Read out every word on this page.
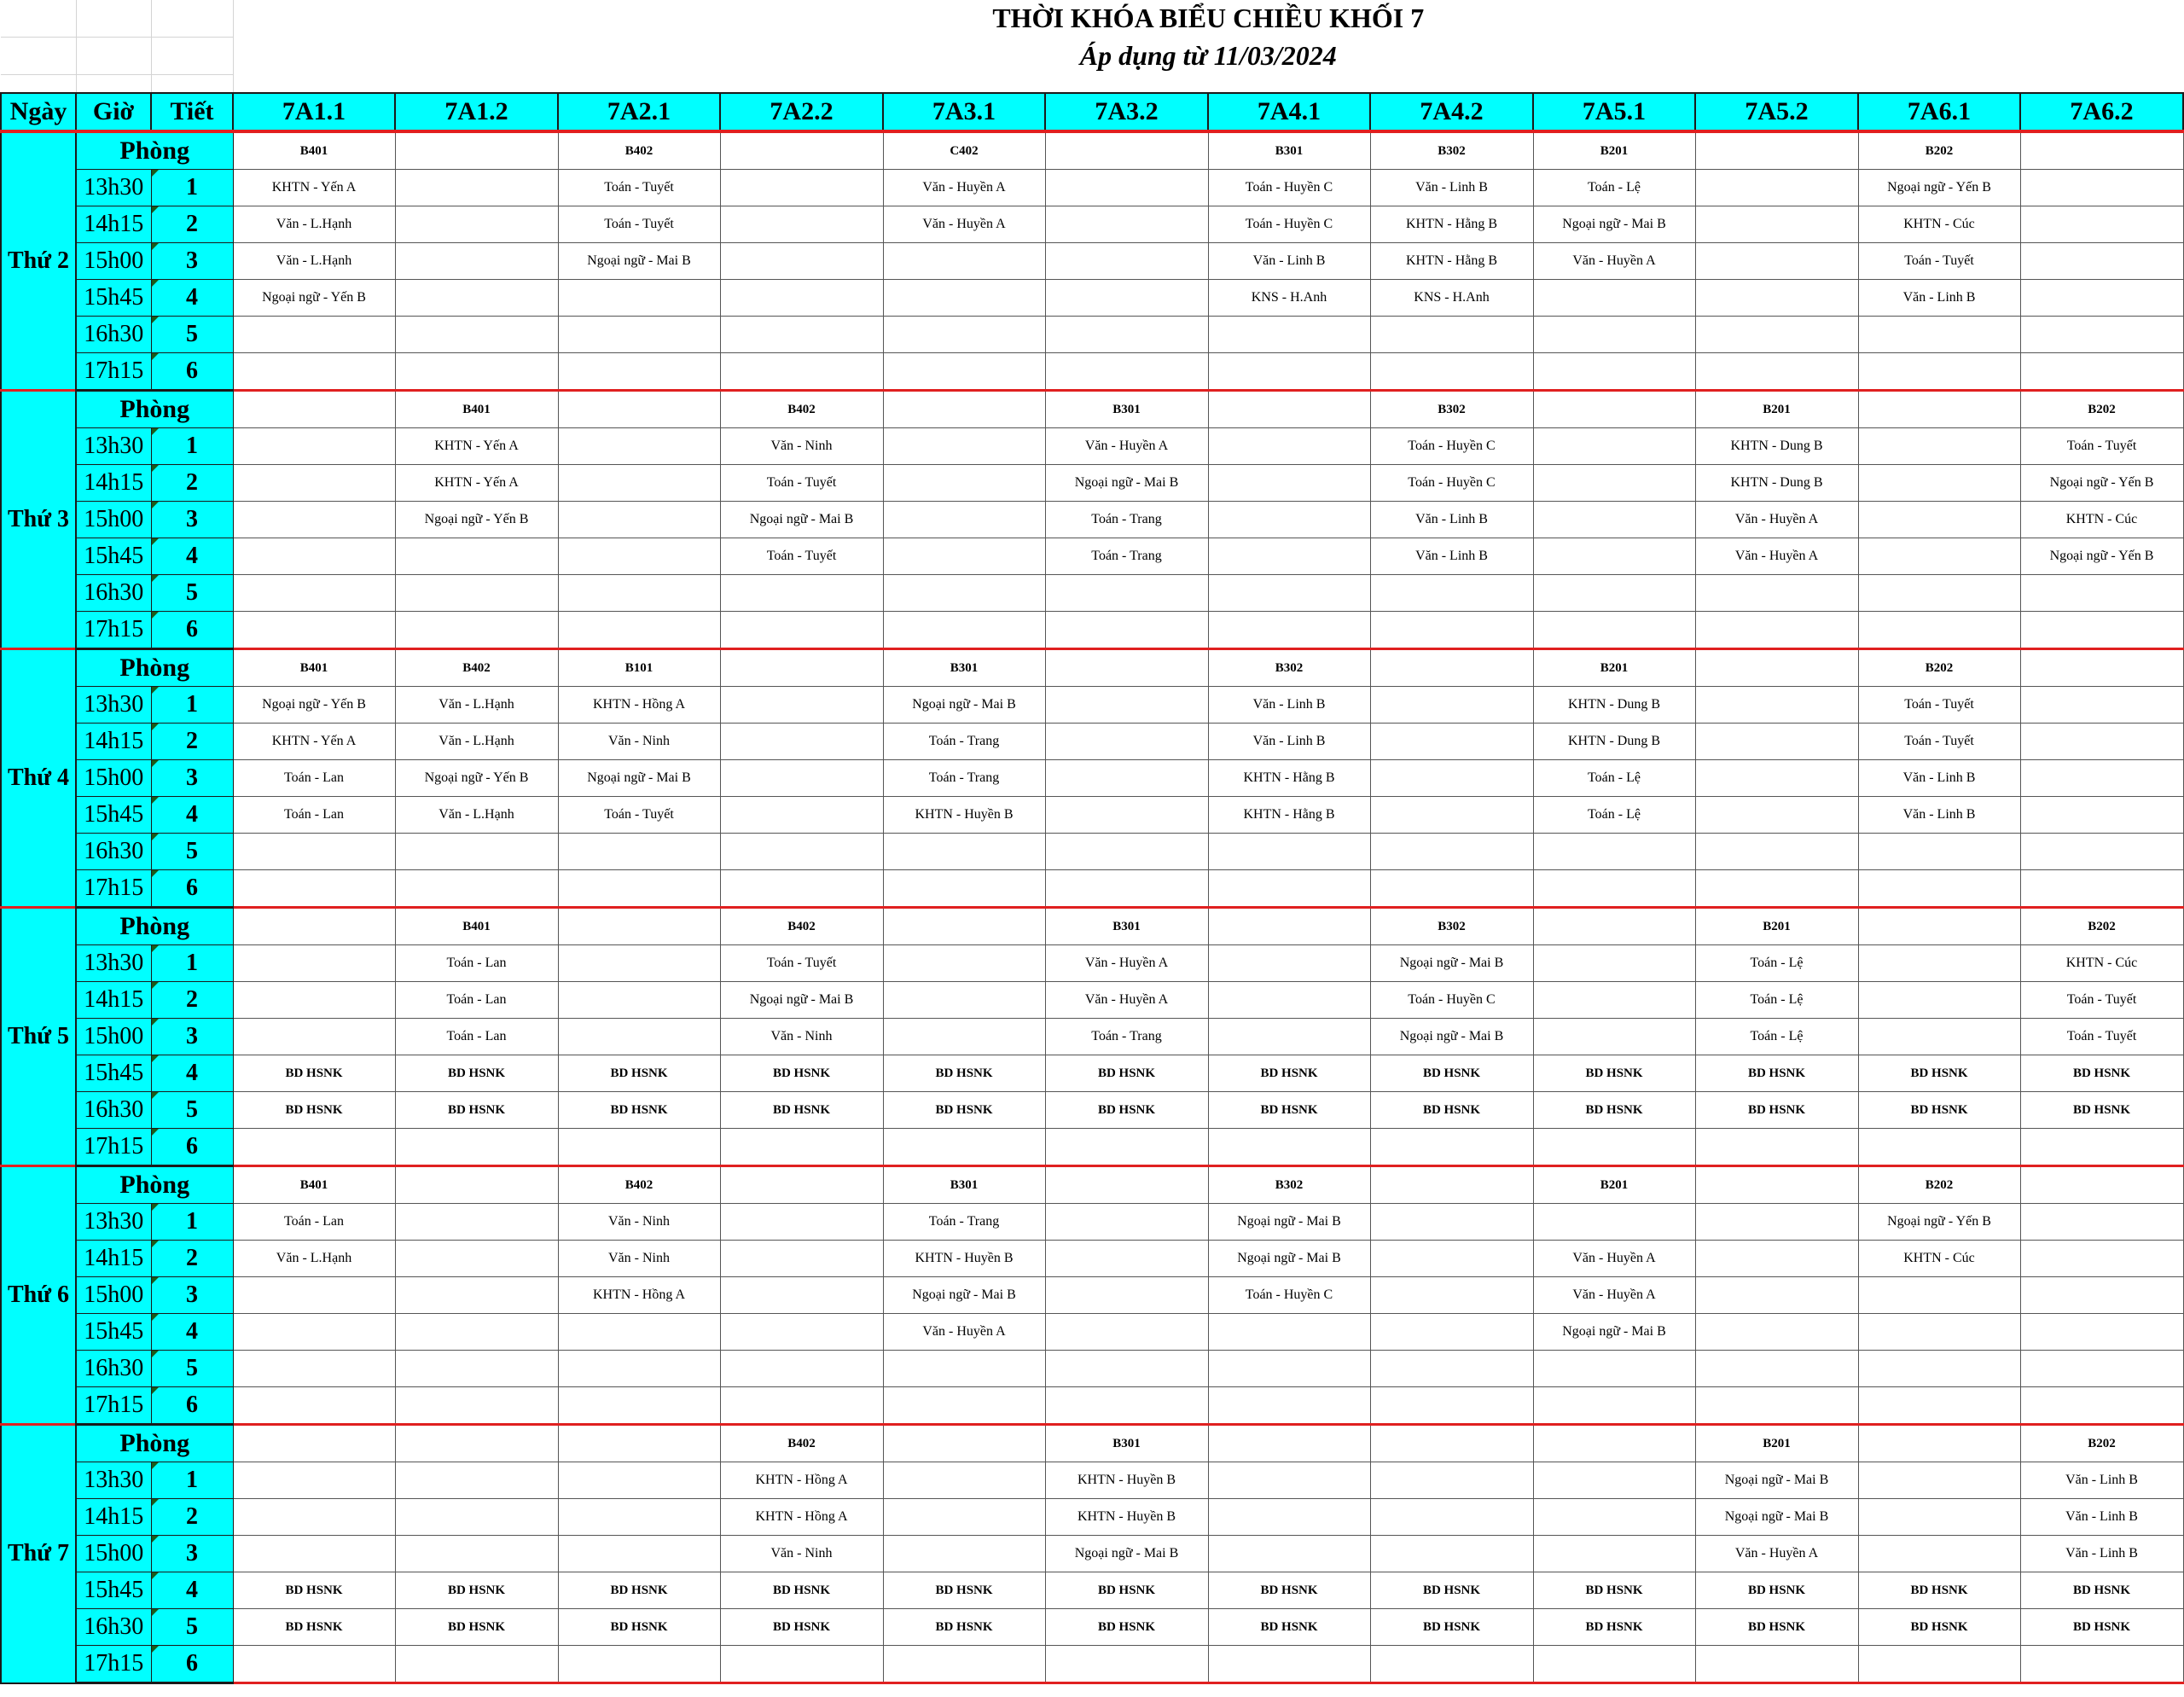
			THỜI KHÓA BIỂU CHIỀU KHỐI 7											
			Áp dụng từ 11/03/2024											

Ngày	Giờ	Tiết	7A1.1	7A1.2	7A2.1	7A2.2	7A3.1	7A3.2	7A4.1	7A4.2	7A5.1	7A5.2	7A6.1	7A6.2
Thứ 2	Phòng		B401		B402		C402		B301	B302	B201		B202	
	13h30	1	KHTN - Yến A		Toán - Tuyết		Văn - Huyền A		Toán - Huyền C	Văn - Linh B	Toán - Lệ		Ngoại ngữ - Yến B	
	14h15	2	Văn - L.Hạnh		Toán - Tuyết		Văn - Huyền A		Toán - Huyền C	KHTN - Hằng B	Ngoại ngữ - Mai B		KHTN - Cúc	
	15h00	3	Văn - L.Hạnh		Ngoại ngữ - Mai B				Văn - Linh B	KHTN - Hằng B	Văn - Huyền A		Toán - Tuyết	
	15h45	4	Ngoại ngữ - Yến B						KNS - H.Anh	KNS - H.Anh			Văn - Linh B	
	16h30	5												
	17h15	6												
Thứ 3	Phòng			B401		B402		B301		B302		B201		B202
	13h30	1		KHTN - Yến A		Văn - Ninh		Văn - Huyền A		Toán - Huyền C		KHTN - Dung B		Toán - Tuyết
	14h15	2		KHTN - Yến A		Toán - Tuyết		Ngoại ngữ - Mai B		Toán - Huyền C		KHTN - Dung B		Ngoại ngữ - Yến B
	15h00	3		Ngoại ngữ - Yến B		Ngoại ngữ - Mai B		Toán - Trang		Văn - Linh B		Văn - Huyền A		KHTN - Cúc
	15h45	4				Toán - Tuyết		Toán - Trang		Văn - Linh B		Văn - Huyền A		Ngoại ngữ - Yến B
	16h30	5												
	17h15	6												
Thứ 4	Phòng		B401	B402	B101		B301		B302		B201		B202	
	13h30	1	Ngoại ngữ - Yến B	Văn - L.Hạnh	KHTN - Hồng A		Ngoại ngữ - Mai B		Văn - Linh B		KHTN - Dung B		Toán - Tuyết	
	14h15	2	KHTN - Yến A	Văn - L.Hạnh	Văn - Ninh		Toán - Trang		Văn - Linh B		KHTN - Dung B		Toán - Tuyết	
	15h00	3	Toán - Lan	Ngoại ngữ - Yến B	Ngoại ngữ - Mai B		Toán - Trang		KHTN - Hằng B		Toán - Lệ		Văn - Linh B	
	15h45	4	Toán - Lan	Văn - L.Hạnh	Toán - Tuyết		KHTN - Huyền B		KHTN - Hằng B		Toán - Lệ		Văn - Linh B	
	16h30	5												
	17h15	6												
Thứ 5	Phòng			B401		B402		B301		B302		B201		B202
	13h30	1		Toán - Lan		Toán - Tuyết		Văn - Huyền A		Ngoại ngữ - Mai B		Toán - Lệ		KHTN - Cúc
	14h15	2		Toán - Lan		Ngoại ngữ - Mai B		Văn - Huyền A		Toán - Huyền C		Toán - Lệ		Toán - Tuyết
	15h00	3		Toán - Lan		Văn - Ninh		Toán - Trang		Ngoại ngữ - Mai B		Toán - Lệ		Toán - Tuyết
	15h45	4	BD HSNK	BD HSNK	BD HSNK	BD HSNK	BD HSNK	BD HSNK	BD HSNK	BD HSNK	BD HSNK	BD HSNK	BD HSNK	BD HSNK
	16h30	5	BD HSNK	BD HSNK	BD HSNK	BD HSNK	BD HSNK	BD HSNK	BD HSNK	BD HSNK	BD HSNK	BD HSNK	BD HSNK	BD HSNK
	17h15	6												
Thứ 6	Phòng		B401		B402		B301		B302		B201		B202	
	13h30	1	Toán - Lan		Văn - Ninh		Toán - Trang		Ngoại ngữ - Mai B				Ngoại ngữ - Yến B	
	14h15	2	Văn - L.Hạnh		Văn - Ninh		KHTN - Huyền B		Ngoại ngữ - Mai B		Văn - Huyền A		KHTN - Cúc	
	15h00	3			KHTN - Hồng A		Ngoại ngữ - Mai B		Toán - Huyền C		Văn - Huyền A			
	15h45	4					Văn - Huyền A				Ngoại ngữ - Mai B			
	16h30	5												
	17h15	6												
Thứ 7	Phòng					B402		B301				B201		B202
	13h30	1				KHTN - Hồng A		KHTN - Huyền B				Ngoại ngữ - Mai B		Văn - Linh B
	14h15	2				KHTN - Hồng A		KHTN - Huyền B				Ngoại ngữ - Mai B		Văn - Linh B
	15h00	3				Văn - Ninh		Ngoại ngữ - Mai B				Văn - Huyền A		Văn - Linh B
	15h45	4	BD HSNK	BD HSNK	BD HSNK	BD HSNK	BD HSNK	BD HSNK	BD HSNK	BD HSNK	BD HSNK	BD HSNK	BD HSNK	BD HSNK
	16h30	5	BD HSNK	BD HSNK	BD HSNK	BD HSNK	BD HSNK	BD HSNK	BD HSNK	BD HSNK	BD HSNK	BD HSNK	BD HSNK	BD HSNK
	17h15	6												
